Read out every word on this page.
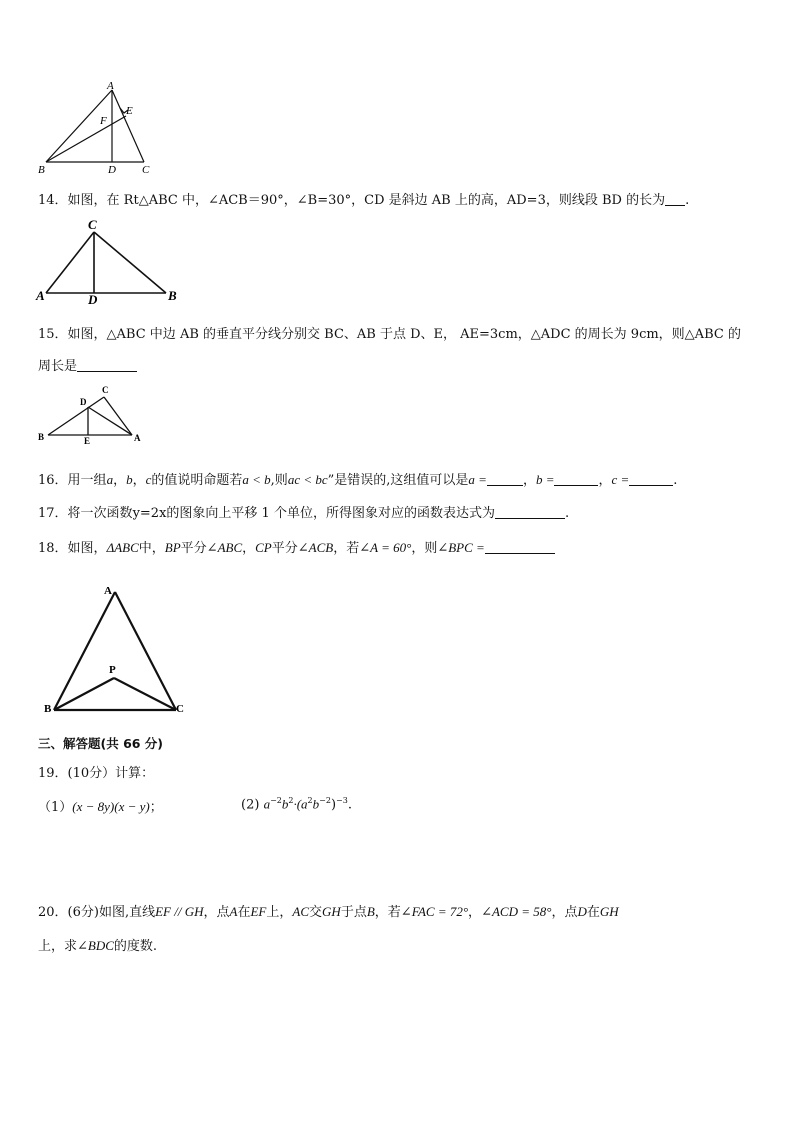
A
E
F
B	D C
14．如图，在 Rt△ABC 中，∠ACB＝90°，∠B=30°，CD 是斜边 AB 上的高，AD=3，则线段 BD 的长为 .
C
A	D	B
15．如图，△ABC 中边 AB 的垂直平分线分别交 BC、AB 于点 D、E， AE=3cm，△ADC 的周长为 9cm，则△ABC 的
周长是
C
D
B	E	A
16．用一组a，b，c的值说明命题若a < b,则ac < bc”是错误的,这组值可以是a =	，b =	，c =	.
17．将一次函数y=2x的图象向上平移 1 个单位，所得图象对应的函数表达式为	.
18．如图，ΔABC中，BP平分∠ABC，CP平分∠ACB，若∠A = 60°，则∠BPC =
A
P
B	C
三、解答题(共 66 分)
19．(10分）计算：
（1）(x − 8y)(x − y)；	(2) $a^{-2}b^2\cdot(a^2b^{-2})^{-3}$.
20．(6分)如图,直线EF // GH，点A在EF上，AC交GH于点B，若∠FAC = 72°，∠ACD = 58°，点D在GH
上，求∠BDC的度数.
